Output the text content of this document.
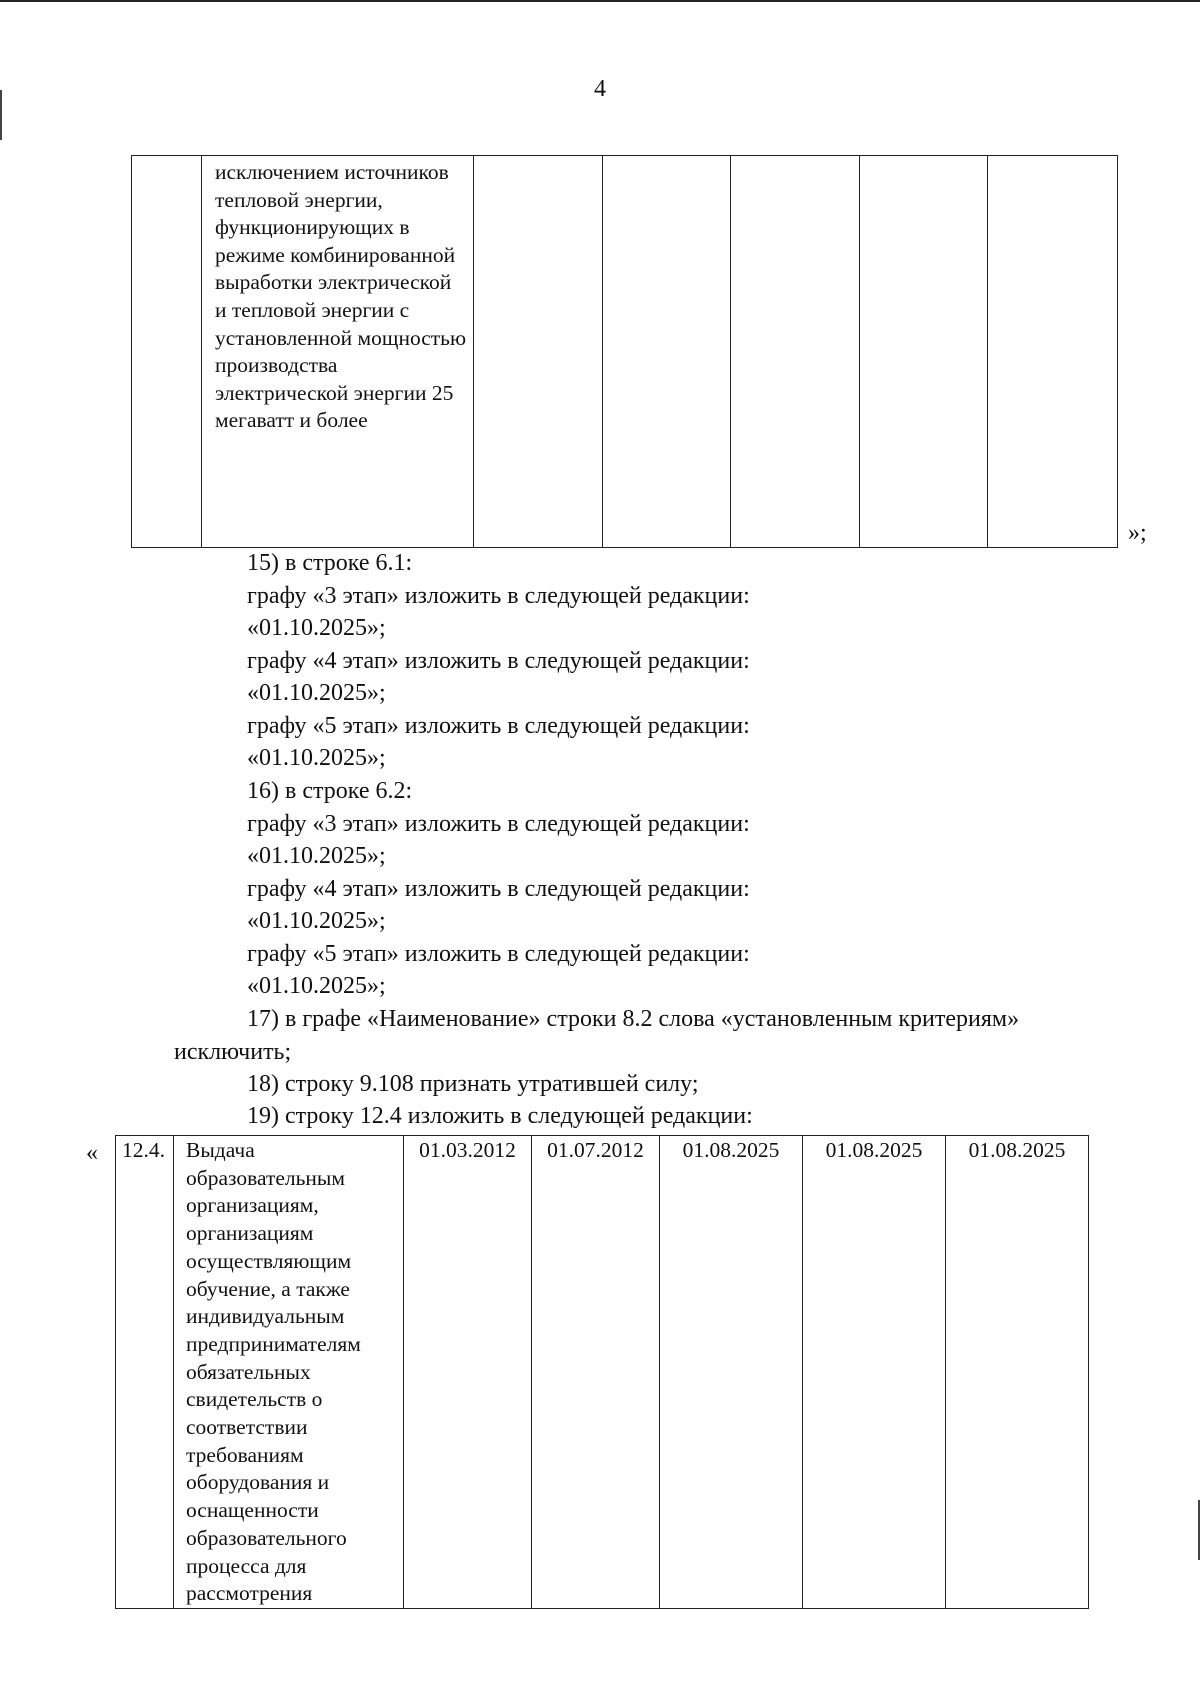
4
	исключением источников тепловой энергии, функционирующих в режиме комбинированной выработки электрической и тепловой энергии с установленной мощностью производства электрической энергии 25 мегаватт и более					
»;
15) в строке 6.1:
графу «3 этап» изложить в следующей редакции:
«01.10.2025»;
графу «4 этап» изложить в следующей редакции:
«01.10.2025»;
графу «5 этап» изложить в следующей редакции:
«01.10.2025»;
16) в строке 6.2:
графу «3 этап» изложить в следующей редакции:
«01.10.2025»;
графу «4 этап» изложить в следующей редакции:
«01.10.2025»;
графу «5 этап» изложить в следующей редакции:
«01.10.2025»;
17) в графе «Наименование» строки 8.2 слова «установленным критериям»
исключить;
18) строку 9.108 признать утратившей силу;
19) строку 12.4 изложить в следующей редакции:
« 12.4.	Выдача образовательным организациям, организациям осуществляющим обучение, а также индивидуальным предпринимателям обязательных свидетельств о соответствии требованиям оборудования и оснащенности образовательного процесса для рассмотрения	01.03.2012	01.07.2012	01.08.2025	01.08.2025	01.08.2025
